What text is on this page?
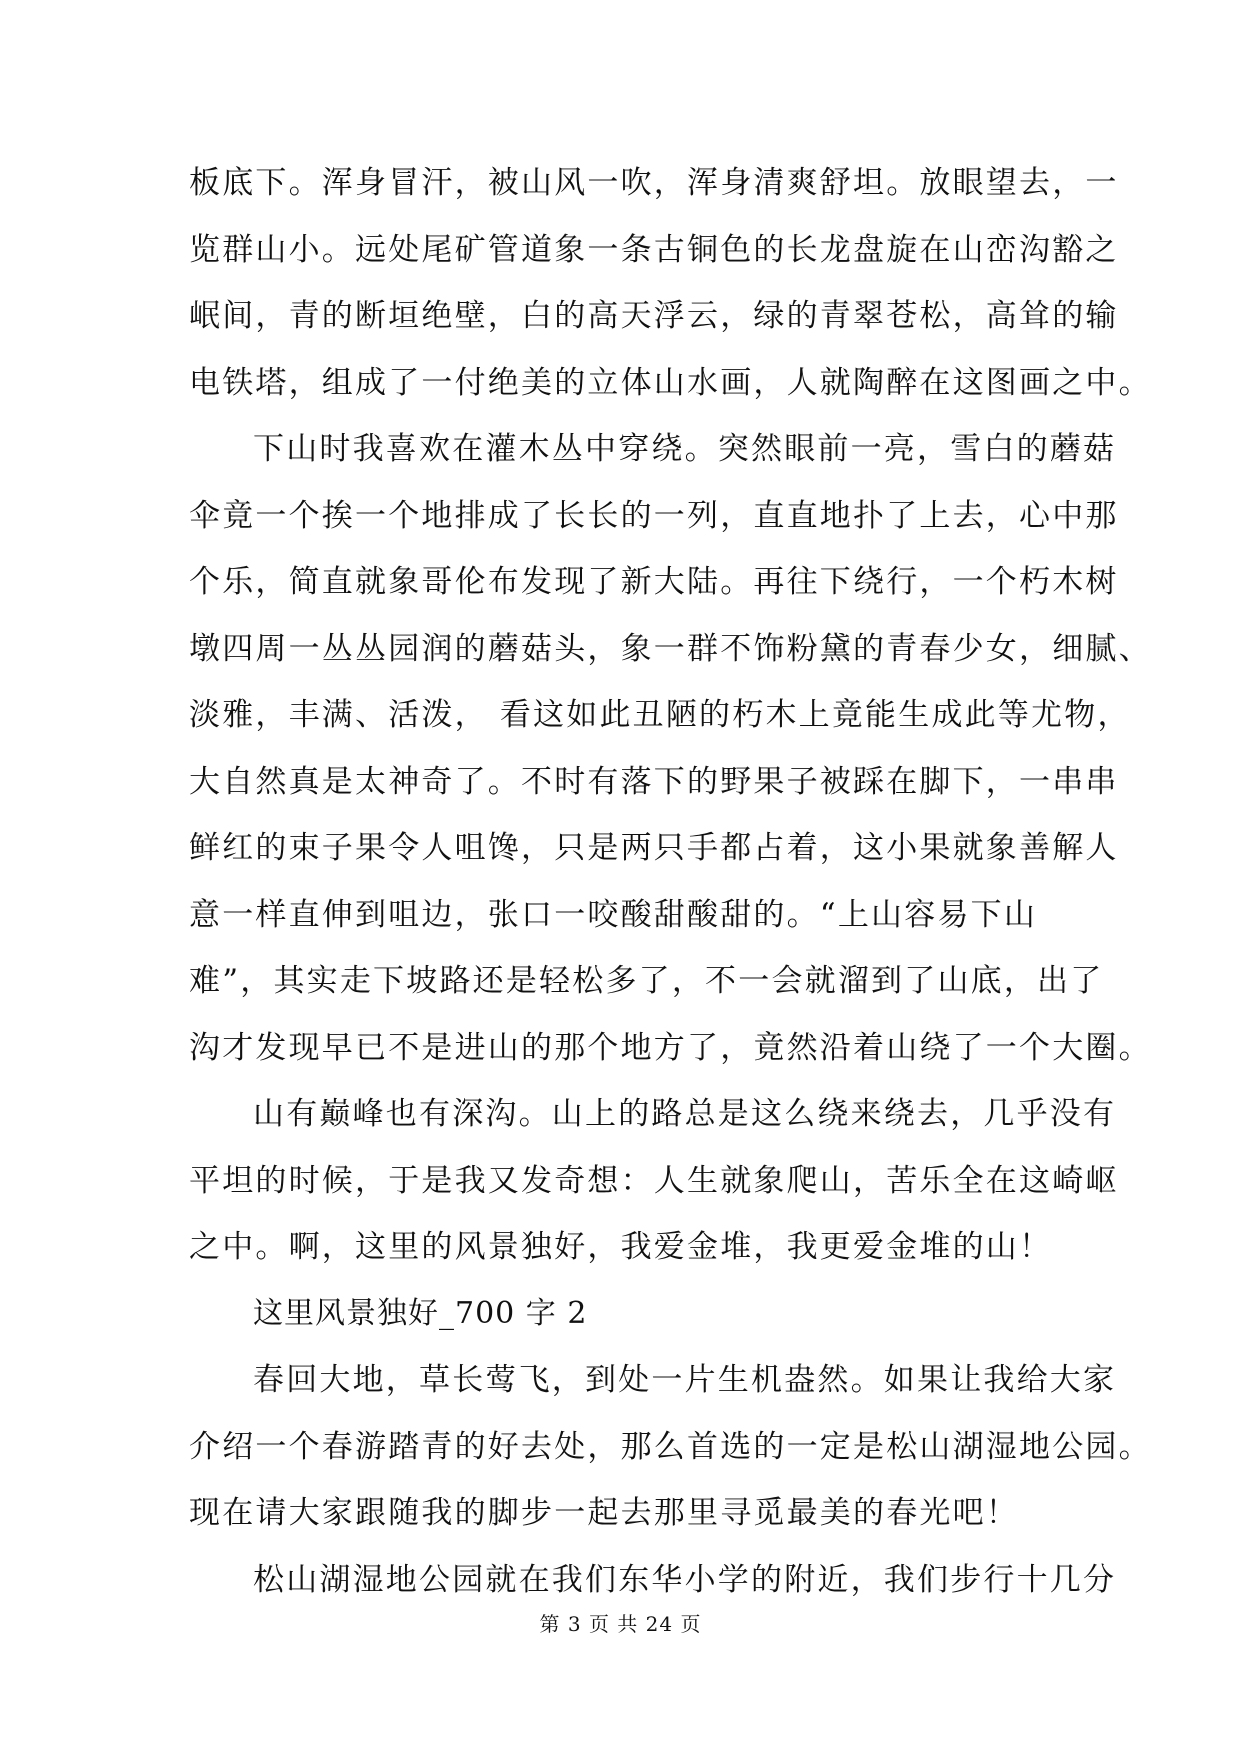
板底下。浑身冒汗，被山风一吹，浑身清爽舒坦。放眼望去，一
览群山小。远处尾矿管道象一条古铜色的长龙盘旋在山峦沟豁之
岷间，青的断垣绝壁，白的高天浮云，绿的青翠苍松，高耸的输
电铁塔，组成了一付绝美的立体山水画，人就陶醉在这图画之中。
下山时我喜欢在灌木丛中穿绕。突然眼前一亮，雪白的蘑菇
伞竟一个挨一个地排成了长长的一列，直直地扑了上去，心中那
个乐，简直就象哥伦布发现了新大陆。再往下绕行，一个朽木树
墩四周一丛丛园润的蘑菇头，象一群不饰粉黛的青春少女，细腻、
淡雅，丰满、活泼， 看这如此丑陋的朽木上竟能生成此等尤物，
大自然真是太神奇了。不时有落下的野果子被踩在脚下，一串串
鲜红的束子果令人咀馋，只是两只手都占着，这小果就象善解人
意一样直伸到咀边，张口一咬酸甜酸甜的。“上山容易下山
难”，其实走下坡路还是轻松多了，不一会就溜到了山底，出了
沟才发现早已不是进山的那个地方了，竟然沿着山绕了一个大圈。
山有巅峰也有深沟。山上的路总是这么绕来绕去，几乎没有
平坦的时候，于是我又发奇想：人生就象爬山，苦乐全在这崎岖
之中。啊，这里的风景独好，我爱金堆，我更爱金堆的山！
这里风景独好_700 字 2
春回大地，草长莺飞，到处一片生机盎然。如果让我给大家
介绍一个春游踏青的好去处，那么首选的一定是松山湖湿地公园。
现在请大家跟随我的脚步一起去那里寻觅最美的春光吧！
松山湖湿地公园就在我们东华小学的附近，我们步行十几分
第 3 页 共 24 页
